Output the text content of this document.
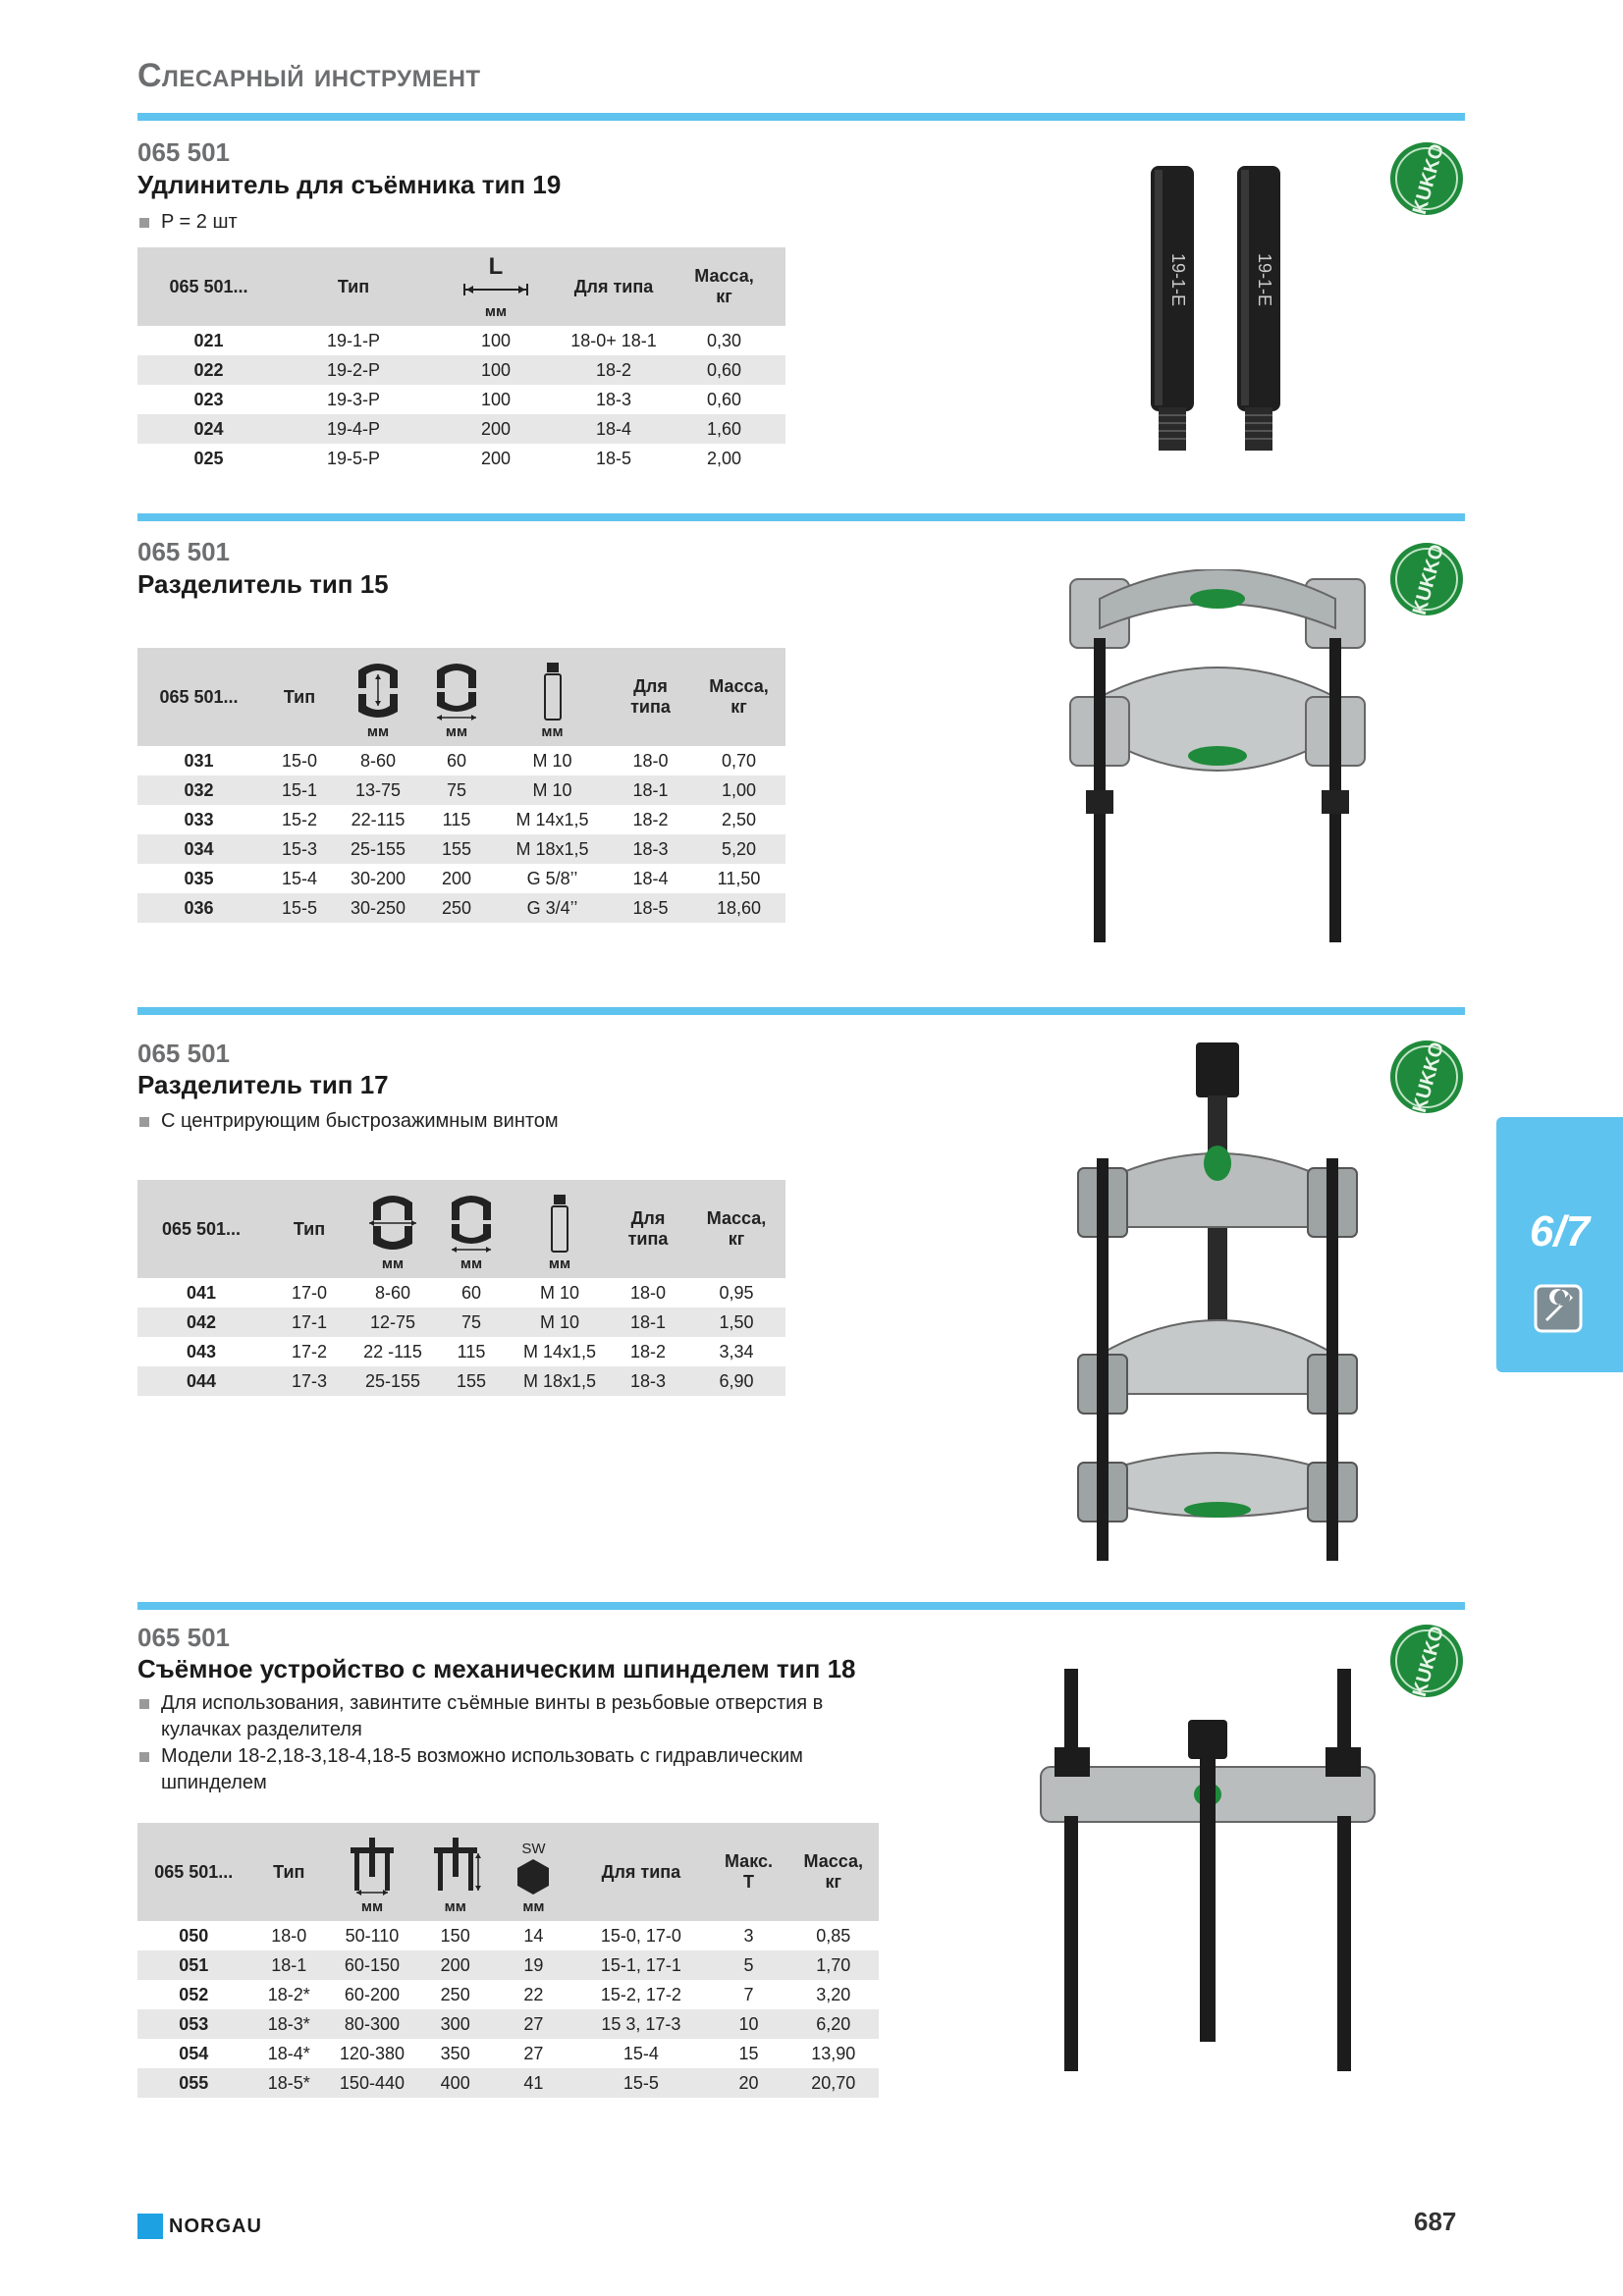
Слесарный инструмент
065 501
Удлинитель для съёмника тип 19
P = 2 шт
065 501...	Тип	L
мм	Для типа	Масса, кг
021	19-1-P	100	18-0+ 18-1	0,30
022	19-2-P	100	18-2	0,60
023	19-3-P	100	18-3	0,60
024	19-4-P	200	18-4	1,60
025	19-5-P	200	18-5	2,00
KUKKO
19-1-E	19-1-E
065 501
Разделитель тип 15
065 501...	Тип	мм	мм	мм	Для типа	Масса, кг
031	15-0	8-60	60	M 10	18-0	0,70
032	15-1	13-75	75	M 10	18-1	1,00
033	15-2	22-115	115	M 14x1,5	18-2	2,50
034	15-3	25-155	155	M 18x1,5	18-3	5,20
035	15-4	30-200	200	G 5/8’’	18-4	11,50
036	15-5	30-250	250	G 3/4’’	18-5	18,60
KUKKO
065 501
Разделитель тип 17
С центрирующим быстрозажимным винтом
065 501...	Тип	мм	мм	мм	Для типа	Масса, кг
041	17-0	8-60	60	M 10	18-0	0,95
042	17-1	12-75	75	M 10	18-1	1,50
043	17-2	22 -115	115	M 14x1,5	18-2	3,34
044	17-3	25-155	155	M 18x1,5	18-3	6,90
KUKKO
6/7
065 501
Съёмное устройство с механическим шпинделем тип 18
Для использования, завинтите съёмные винты в резьбовые отверстия в кулачках разделителя
Модели 18-2,18-3,18-4,18-5 возможно использовать с гидравлическим шпинделем
065 501...	Тип	мм	мм	SW
мм	Для типа	Макс. T	Масса, кг
050	18-0	50-110	150	14	15-0, 17-0	3	0,85
051	18-1	60-150	200	19	15-1, 17-1	5	1,70
052	18-2*	60-200	250	22	15-2, 17-2	7	3,20
053	18-3*	80-300	300	27	15 3, 17-3	10	6,20
054	18-4*	120-380	350	27	15-4	15	13,90
055	18-5*	150-440	400	41	15-5	20	20,70
KUKKO
NORGAU	687
